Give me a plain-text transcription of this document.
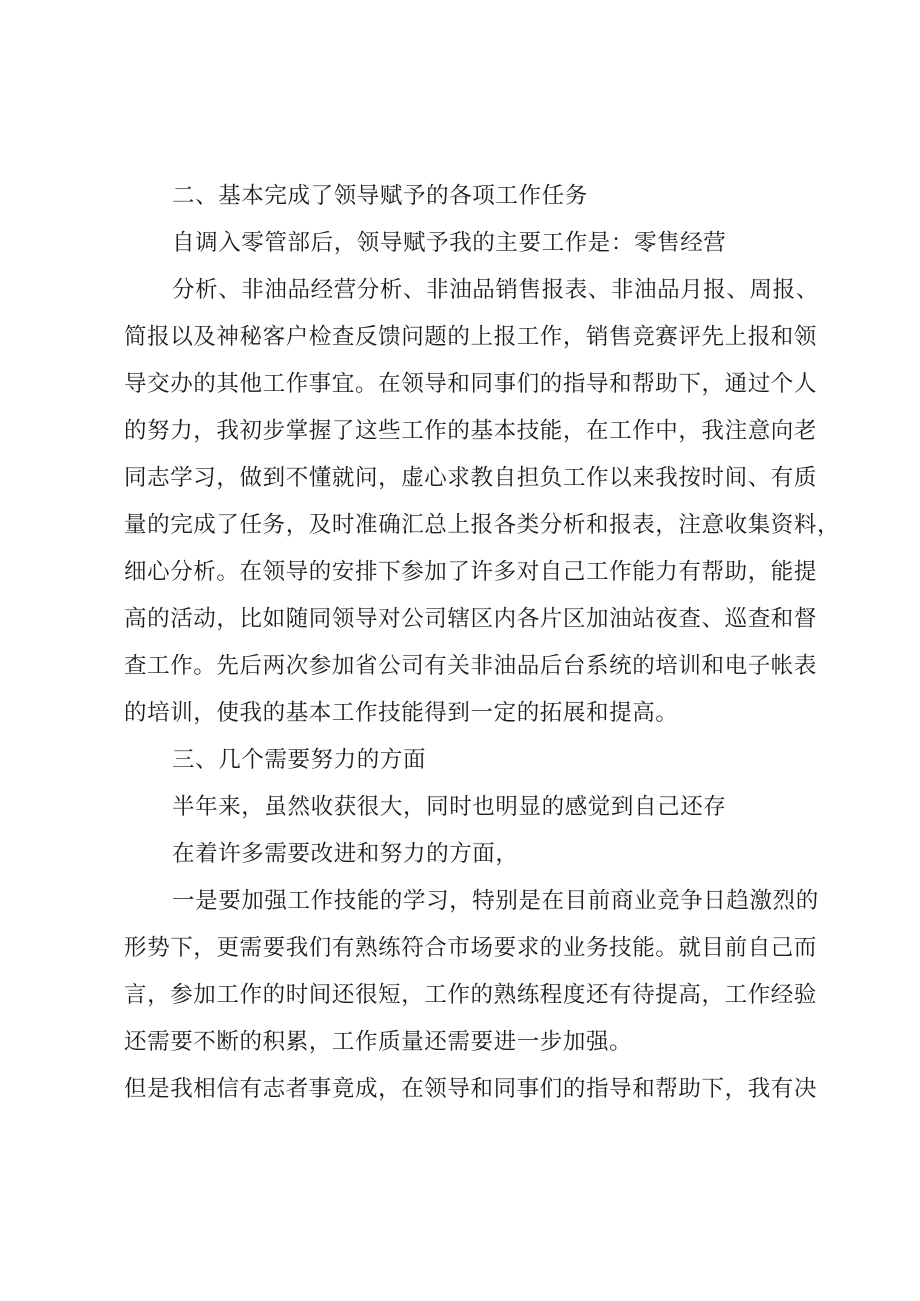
二、基本完成了领导赋予的各项工作任务

自调入零管部后，领导赋予我的主要工作是：零售经营

分析、非油品经营分析、非油品销售报表、非油品月报、周报、

简报以及神秘客户检查反馈问题的上报工作，销售竞赛评先上报和领

导交办的其他工作事宜。在领导和同事们的指导和帮助下，通过个人

的努力，我初步掌握了这些工作的基本技能，在工作中，我注意向老

同志学习，做到不懂就问，虚心求教自担负工作以来我按时间、有质

量的完成了任务，及时准确汇总上报各类分析和报表，注意收集资料，

细心分析。在领导的安排下参加了许多对自己工作能力有帮助，能提

高的活动，比如随同领导对公司辖区内各片区加油站夜查、巡查和督

查工作。先后两次参加省公司有关非油品后台系统的培训和电子帐表

的培训，使我的基本工作技能得到一定的拓展和提高。

三、几个需要努力的方面

半年来，虽然收获很大，同时也明显的感觉到自己还存

在着许多需要改进和努力的方面，

一是要加强工作技能的学习，特别是在目前商业竞争日趋激烈的

形势下，更需要我们有熟练符合市场要求的业务技能。就目前自己而

言，参加工作的时间还很短，工作的熟练程度还有待提高，工作经验

还需要不断的积累，工作质量还需要进一步加强。

但是我相信有志者事竟成，在领导和同事们的指导和帮助下，我有决
